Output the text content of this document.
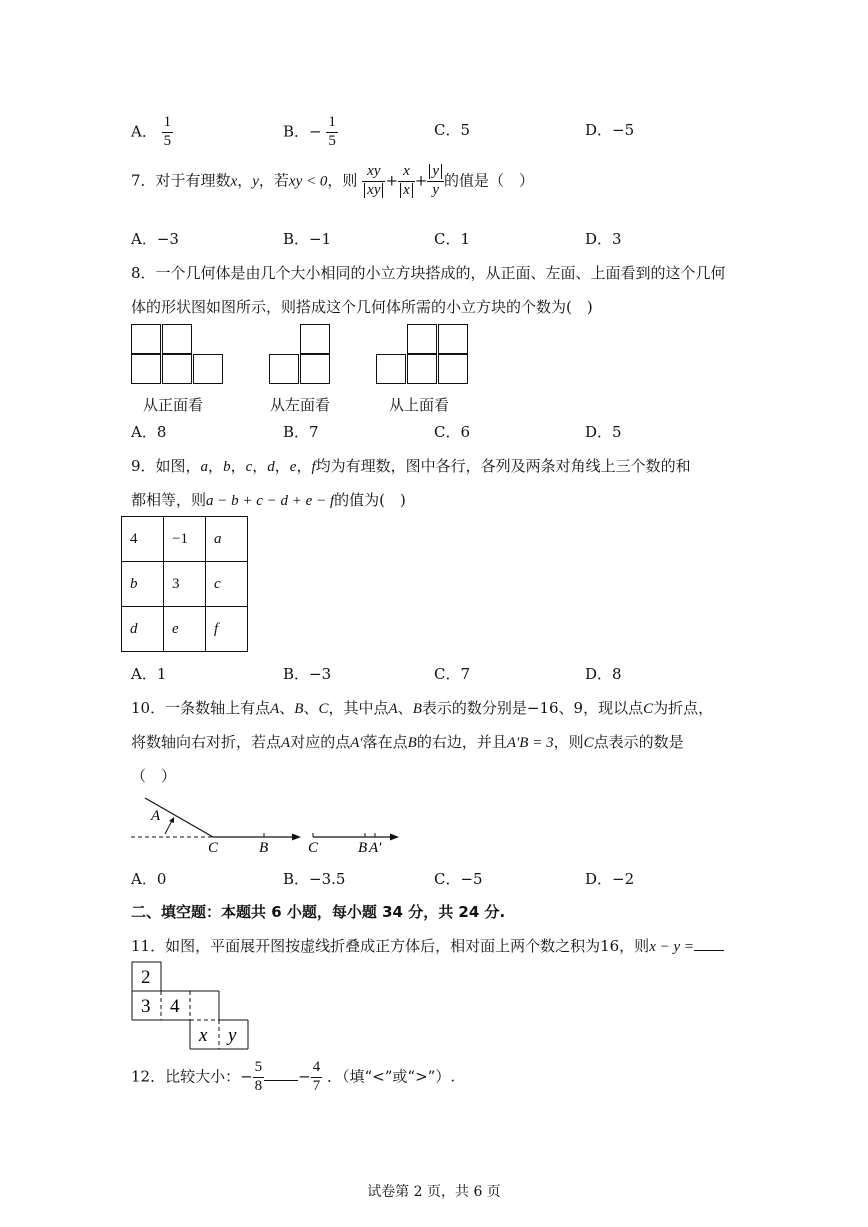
A． $\frac{1}{5}$	B．− $\frac{1}{5}$	C．5	D．−5
7．对于有理数x，y，若xy < 0，则 $\frac{xy}{xy} + \frac{x}{x} + \frac{y}{y}$ 的值是（　）
A．−3	B．−1	C．1	D．3
8．一个几何体是由几个大小相同的小立方块搭成的，从正面、左面、上面看到的这个几何
体的形状图如图所示，则搭成这个几何体所需的小立方块的个数为(　)
从正面看	从左面看	从上面看
A．8	B．7	C．6	D．5
9．如图，a，b，c，d，e，f均为有理数，图中各行，各列及两条对角线上三个数的和
都相等，则a − b + c − d + e − f的值为(　)
4	−1	a
b	3	c
d	e	f
A．1	B．−3	C．7	D．8
10．一条数轴上有点A、B、C，其中点A、B表示的数分别是−16、9，现以点C为折点，
将数轴向右对折，若点A对应的点A′落在点B的右边，并且A′B = 3，则C点表示的数是
（　）
A
C	B	C	B A′
A．0	B．−3.5	C．−5	D．−2
二、填空题：本题共 6 小题，每小题 34 分，共 24 分.
11．如图，平面展开图按虚线折叠成正方体后，相对面上两个数之积为16，则x − y =
2
3 4
x y
12．比较大小：− $\frac{5}{8} - \frac{4}{7}$ ．（填“<”或“>”）.
试卷第 2 页，共 6 页
